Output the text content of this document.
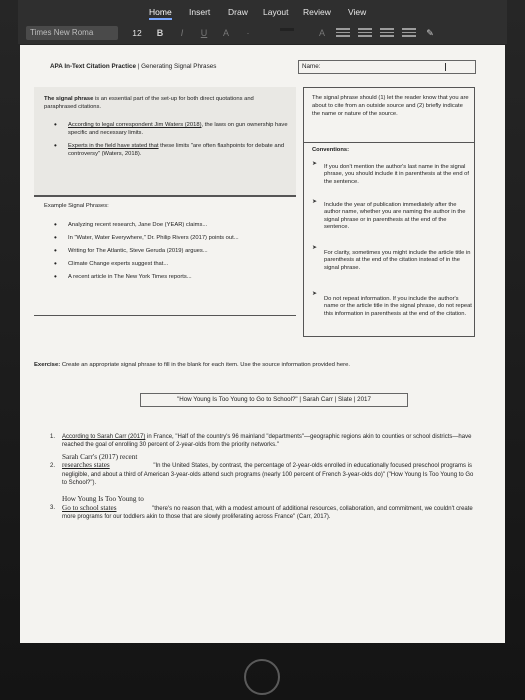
Home Insert Draw Layout Review View
Times New Roma	12	B	I	U	A	·	A	✎
APA In-Text Citation Practice | Generating Signal Phrases	Name:

The signal phrase is an essential part of the set-up for both direct quotations and paraphrased citations.

• According to legal correspondent Jim Waters (2018), the laws on gun ownership have specific and necessary limits.
• Experts in the field have stated that these limits "are often flashpoints for debate and controversy" (Waters, 2018).

The signal phrase should (1) let the reader know that you are about to cite from an outside source and (2) briefly indicate the name or nature of the source.

Conventions:
➤ If you don't mention the author's last name in the signal phrase, you should include it in parenthesis at the end of the sentence.

➤ Include the year of publication immediately after the author name, whether you are naming the author in the signal phrase or in parenthesis at the end of the sentence.

➤

For clarity, sometimes you might include the article title in parenthesis at the end of the citation instead of in the signal phrase.

➤

Do not repeat information. If you include the author's name or the article title in the signal phrase, do not repeat this information in parenthesis at the end of the citation.

Example Signal Phrases:
• Analyzing recent research, Jane Doe (YEAR) claims...
• In "Water, Water Everywhere," Dr. Philip Rivers (2017) points out...
• Writing for The Atlantic, Steve Geruda (2019) argues...
• Climate Change experts suggest that...
• A recent article in The New York Times reports...

Exercise: Create an appropriate signal phrase to fill in the blank for each item. Use the source information provided here.

"How Young Is Too Young to Go to School?" | Sarah Carr | Slate | 2017
1. According to Sarah Carr (2017) in France, "Half of the country's 96 mainland "departments"—geographic regions akin to counties or school districts—have reached the goal of enrolling 30 percent of 2-year-olds from the priority networks."
Sarah Carr's (2017) recent
2. researches states	"In the United States, by contrast, the percentage of 2-year-olds enrolled in educationally focused preschool programs is negligible, and about a third of American 3-year-olds attend such programs (nearly 100 percent of French 3-year-olds do)" ("How Young Is Too Young to Go to School?").
How Young Is Too Young to
3. Go to school states	"there's no reason that, with a modest amount of additional resources, collaboration, and commitment, we couldn't create more programs for our toddlers akin to those that are slowly proliferating across France" (Carr, 2017).
